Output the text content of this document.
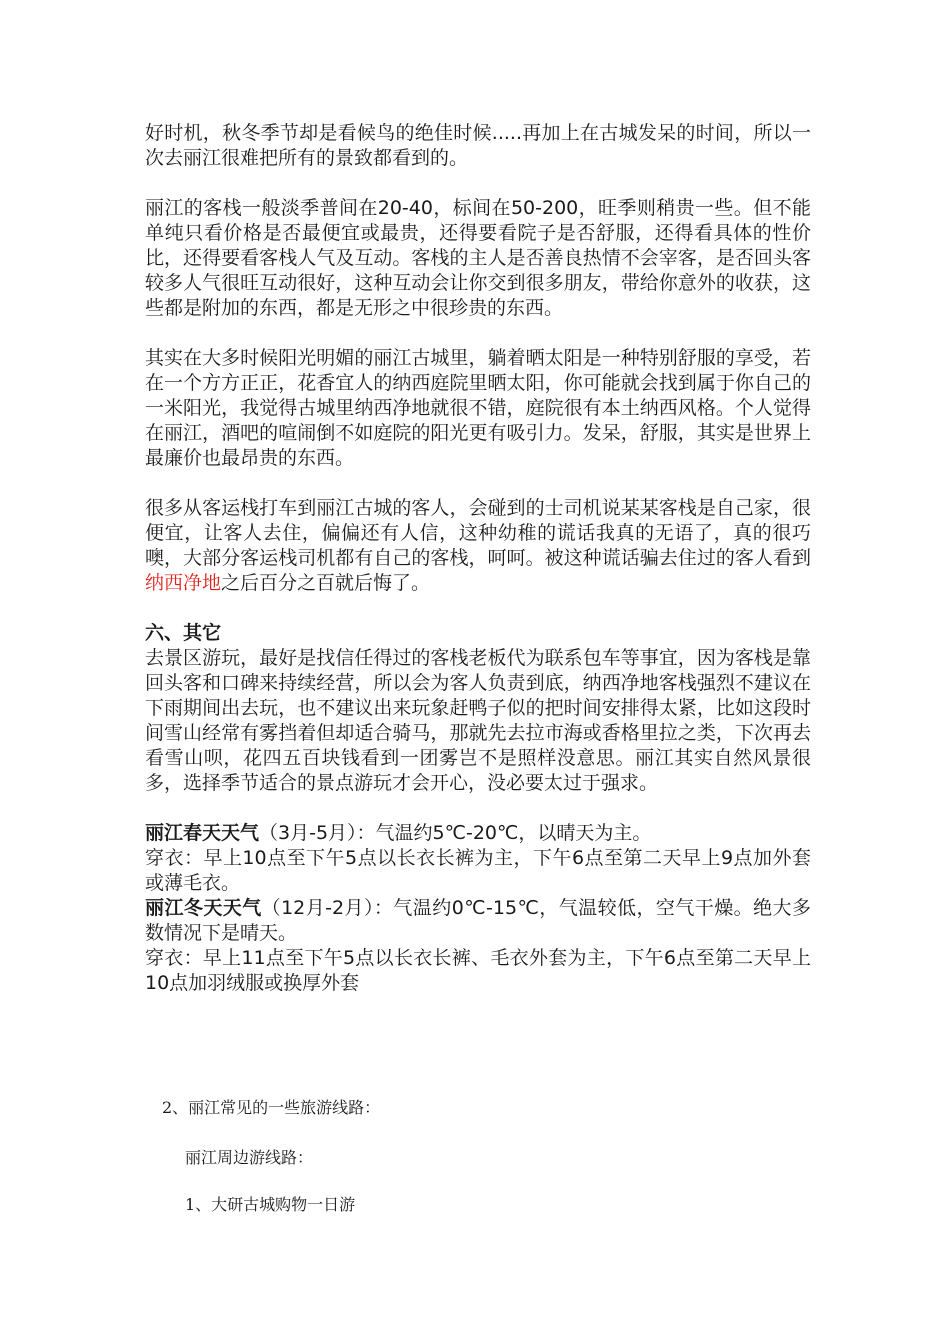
好时机，秋冬季节却是看候鸟的绝佳时候.....再加上在古城发呆的时间，所以一次去丽江很难把所有的景致都看到的。

丽江的客栈一般淡季普间在20-40，标间在50-200，旺季则稍贵一些。但不能单纯只看价格是否最便宜或最贵，还得要看院子是否舒服，还得看具体的性价比，还得要看客栈人气及互动。客栈的主人是否善良热情不会宰客，是否回头客较多人气很旺互动很好，这种互动会让你交到很多朋友，带给你意外的收获，这些都是附加的东西，都是无形之中很珍贵的东西。

其实在大多时候阳光明媚的丽江古城里，躺着晒太阳是一种特别舒服的享受，若在一个方方正正，花香宜人的纳西庭院里晒太阳，你可能就会找到属于你自己的一米阳光，我觉得古城里纳西净地就很不错，庭院很有本土纳西风格。个人觉得在丽江，酒吧的喧闹倒不如庭院的阳光更有吸引力。发呆，舒服，其实是世界上最廉价也最昂贵的东西。

很多从客运栈打车到丽江古城的客人，会碰到的士司机说某某客栈是自己家，很便宜，让客人去住，偏偏还有人信，这种幼稚的谎话我真的无语了，真的很巧噢，大部分客运栈司机都有自己的客栈，呵呵。被这种谎话骗去住过的客人看到纳西净地之后百分之百就后悔了。

六、其它

去景区游玩，最好是找信任得过的客栈老板代为联系包车等事宜，因为客栈是靠回头客和口碑来持续经营，所以会为客人负责到底，纳西净地客栈强烈不建议在下雨期间出去玩，也不建议出来玩象赶鸭子似的把时间安排得太紧，比如这段时间雪山经常有雾挡着但却适合骑马，那就先去拉市海或香格里拉之类，下次再去看雪山呗，花四五百块钱看到一团雾岂不是照样没意思。丽江其实自然风景很多，选择季节适合的景点游玩才会开心，没必要太过于强求。

丽江春天天气（3月-5月）：气温约5℃-20℃，以晴天为主。

穿衣：早上10点至下午5点以长衣长裤为主，下午6点至第二天早上9点加外套或薄毛衣。

丽江冬天天气（12月-2月）：气温约0℃-15℃，气温较低，空气干燥。绝大多数情况下是晴天。

穿衣：早上11点至下午5点以长衣长裤、毛衣外套为主，下午6点至第二天早上10点加羽绒服或换厚外套

2、丽江常见的一些旅游线路：
丽江周边游线路：
1、大研古城购物一日游
